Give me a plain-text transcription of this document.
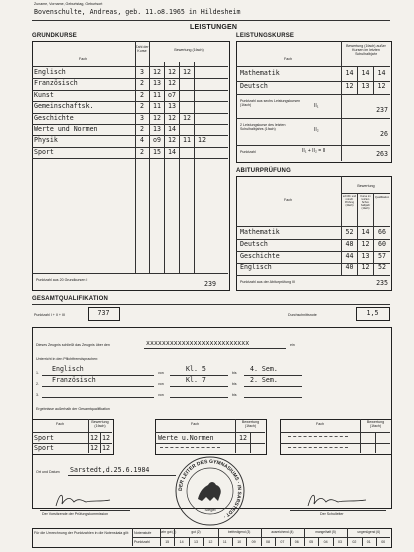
Zuname, Vorname, Geburtstag, Geburtsort
Bovenschulte, Andreas, geb. 11.o8.1965 in Hildesheim
LEISTUNGEN
GRUNDKURSE
Fach
Zahl der Kurse	Bewertung (1fach)
Punktzahl aus 20 Grundkursen I	239
Englisch	3	12	12	12
Französisch	2	13	12
Kunst	2	11	o7
Gemeinschaftsk.	2	11	13
Geschichte	3	12	12	12
Werte und Normen	2	13	14
Physik	4	o9	12	11	12
Sport	2	15	14
LEISTUNGSKURSE
Fach
Bewertung (1fach) außer Kursen im letzten Schulhalbjahr
Mathematik	14	14	14
Deutsch	12	13	12
Punktzahl aus sechs Leistungskursen (1fach)	II₁	237
2 Leistungskurse des letzten Schulhalbjahrs (1fach)	II₂	26
Punktzahl	II₁ + II₂ = II	263
ABITURPRÜFUNG
Fach
Bewertung
schriftl. und mündl. Prüfung (4fach)
Kurse im letzten Schul-halbjahr (1fach)
Qualifikation
Mathematik	52	14	66
Deutsch	48	12	60
Geschichte	44	13	57
Englisch	40	12	52
Punktzahl aus der Abiturprüfung III	235
GESAMTQUALIFIKATION
Punktzahl I + II + III	737	Durchschnittsnote	1,5
Dieses Zeugnis schließt das Zeugnis über den	xxxxxxxxxxxxxxxxxxxxxxxxxx	ein
Unterricht in den Pflichtfremdsprachen:
1. Englisch	von	Kl. 5	bis 4. Sem.
2. Französisch	von	Kl. 7	bis 2. Sem.
3.	von	bis
Ergebnisse außerhalb der Gesamtqualifikation
Fach	Bewertung (1fach)	Fach	Bewertung (1fach)	Fach	Bewertung (1fach)
Sport	12 12
Sport	12 12
Werte u.Normen	12
Ort und Datum Sarstedt,d.25.6.1984
DER LEITER DES GYMNASIUMS · IN SARSTEDT ·
Siegel
Der Vorsitzende der Prüfungskommission	Der Schulleiter
Für die Umrechnung der Punktzahlen in die Notenskala gilt:	Notenstufe
Punktzahl	15	14	13	12	11	10	09	08	07	06	05	04	03	02	01	00
sehr gut (1)	gut (2)	befriedigend (3)	ausreichend (4)	mangelhaft (5)	ungenügend (6)
